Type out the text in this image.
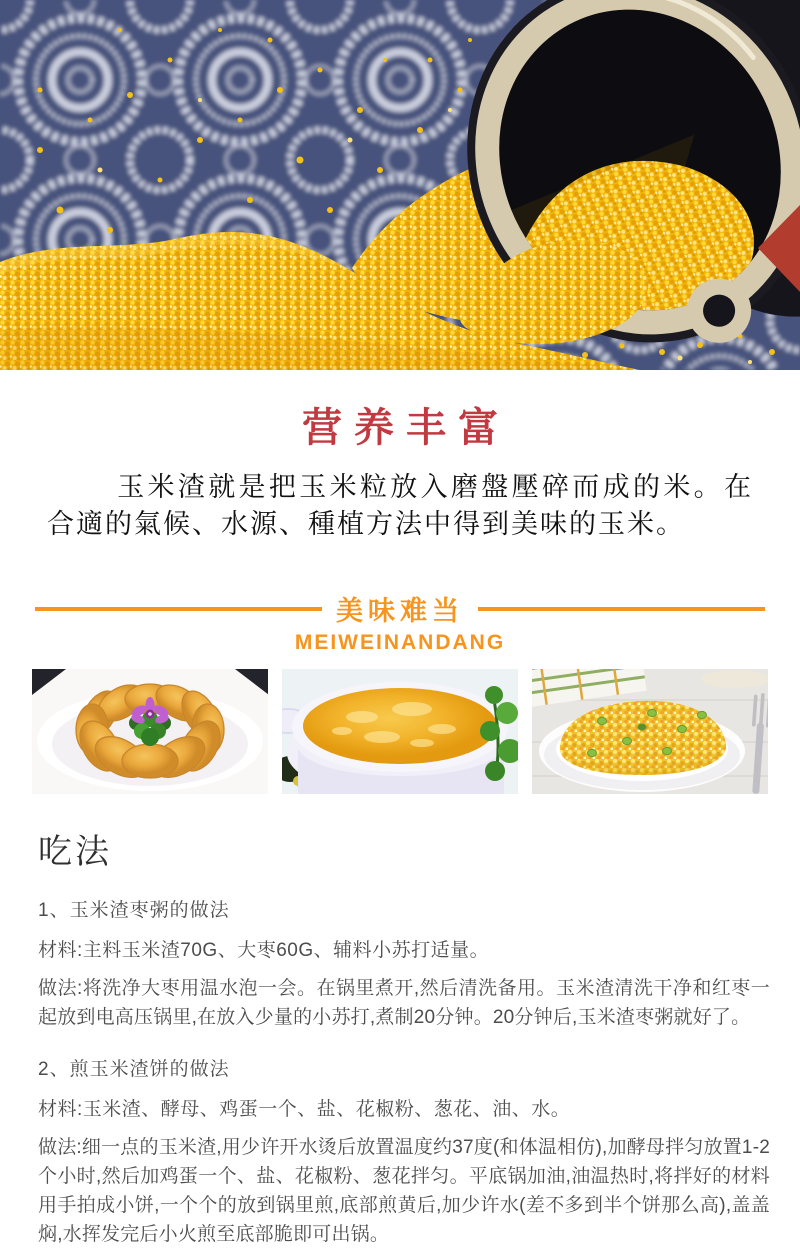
营养丰富

玉米渣就是把玉米粒放入磨盤壓碎而成的米。在合適的氣候、水源、種植方法中得到美味的玉米。

美味难当
MEIWEINANDANG
吃法
1、玉米渣枣粥的做法
材料:主料玉米渣70G、大枣60G、辅料小苏打适量。
做法:将洗净大枣用温水泡一会。在锅里煮开,然后清洗备用。玉米渣清洗干净和红枣一起放到电高压锅里,在放入少量的小苏打,煮制20分钟。20分钟后,玉米渣枣粥就好了。
2、煎玉米渣饼的做法
材料:玉米渣、酵母、鸡蛋一个、盐、花椒粉、葱花、油、水。
做法:细一点的玉米渣,用少许开水烫后放置温度约37度(和体温相仿),加酵母拌匀放置1-2个小时,然后加鸡蛋一个、盐、花椒粉、葱花拌匀。平底锅加油,油温热时,将拌好的材料用手拍成小饼,一个个的放到锅里煎,底部煎黄后,加少许水(差不多到半个饼那么高),盖盖焖,水挥发完后小火煎至底部脆即可出锅。
